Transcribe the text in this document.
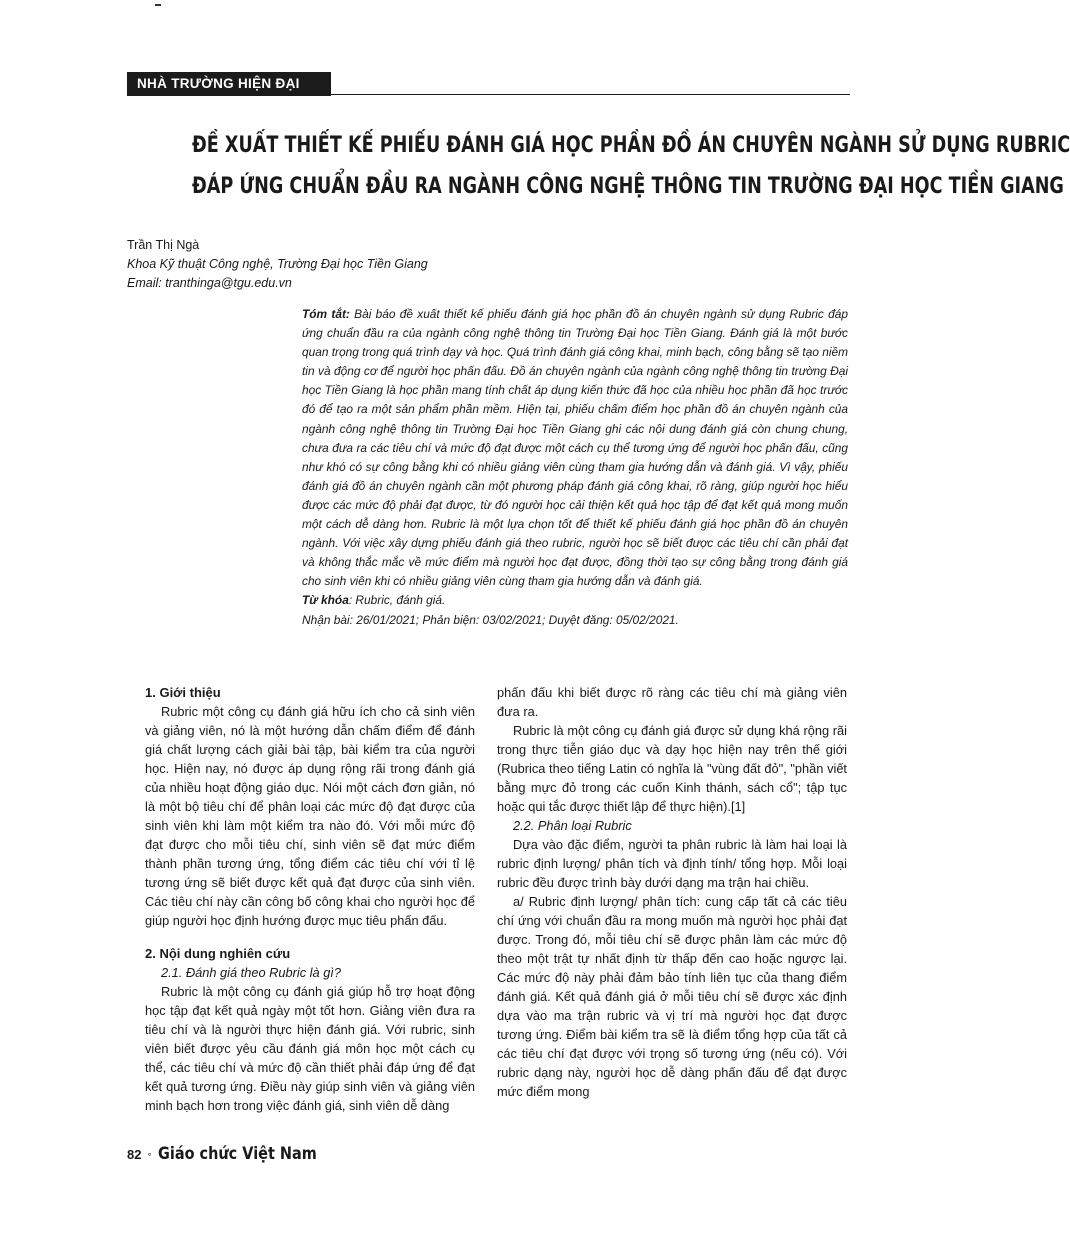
NHÀ TRƯỜNG HIỆN ĐẠI
ĐỀ XUẤT THIẾT KẾ PHIẾU ĐÁNH GIÁ HỌC PHẦN ĐỒ ÁN CHUYÊN NGÀNH SỬ DỤNG RUBRIC
ĐÁP ỨNG CHUẨN ĐẦU RA NGÀNH CÔNG NGHỆ THÔNG TIN TRƯỜNG ĐẠI HỌC TIỀN GIANG
Trần Thị Ngà
Khoa Kỹ thuật Công nghệ, Trường Đại học Tiền Giang
Email: tranthinga@tgu.edu.vn

Tóm tắt: Bài báo đề xuất thiết kế phiếu đánh giá học phần đồ án chuyên ngành sử dụng Rubric đáp ứng chuẩn đầu ra của ngành công nghệ thông tin Trường Đại học Tiền Giang. Đánh giá là một bước quan trọng trong quá trình dạy và học. Quá trình đánh giá công khai, minh bạch, công bằng sẽ tạo niềm tin và động cơ để người học phấn đấu. Đồ án chuyên ngành của ngành công nghệ thông tin trường Đại học Tiền Giang là học phần mang tính chất áp dụng kiến thức đã học của nhiều học phần đã học trước đó để tạo ra một sản phẩm phần mềm. Hiện tại, phiếu chấm điểm học phần đồ án chuyên ngành của ngành công nghệ thông tin Trường Đại học Tiền Giang ghi các nội dung đánh giá còn chung chung, chưa đưa ra các tiêu chí và mức độ đạt được một cách cụ thể tương ứng để người học phấn đấu, cũng như khó có sự công bằng khi có nhiều giảng viên cùng tham gia hướng dẫn và đánh giá. Vì vậy, phiếu đánh giá đồ án chuyên ngành cần một phương pháp đánh giá công khai, rõ ràng, giúp người học hiểu được các mức độ phải đạt được, từ đó người học cải thiện kết quả học tập để đạt kết quả mong muốn một cách dễ dàng hơn. Rubric là một lựa chọn tốt để thiết kế phiếu đánh giá học phần đồ án chuyên ngành. Với việc xây dựng phiếu đánh giá theo rubric, người học sẽ biết được các tiêu chí cần phải đạt và không thắc mắc về mức điểm mà người học đạt được, đồng thời tạo sự công bằng trong đánh giá cho sinh viên khi có nhiều giảng viên cùng tham gia hướng dẫn và đánh giá.

Từ khóa: Rubric, đánh giá.

Nhận bài: 26/01/2021; Phản biện: 03/02/2021; Duyệt đăng: 05/02/2021.

1. Giới thiệu

Rubric một công cụ đánh giá hữu ích cho cả sinh viên và giảng viên, nó là một hướng dẫn chấm điểm để đánh giá chất lượng cách giải bài tập, bài kiểm tra của người học. Hiện nay, nó được áp dụng rộng rãi trong đánh giá của nhiều hoạt động giáo dục. Nói một cách đơn giản, nó là một bộ tiêu chí để phân loại các mức độ đạt được của sinh viên khi làm một kiểm tra nào đó. Với mỗi mức độ đạt được cho mỗi tiêu chí, sinh viên sẽ đạt mức điểm thành phần tương ứng, tổng điểm các tiêu chí với tỉ lệ tương ứng sẽ biết được kết quả đạt được của sinh viên. Các tiêu chí này cần công bố công khai cho người học để giúp người học định hướng được mục tiêu phấn đấu.

2. Nội dung nghiên cứu
2.1. Đánh giá theo Rubric là gì?

Rubric là một công cụ đánh giá giúp hỗ trợ hoạt động học tập đạt kết quả ngày một tốt hơn. Giảng viên đưa ra tiêu chí và là người thực hiện đánh giá. Với rubric, sinh viên biết được yêu cầu đánh giá môn học một cách cụ thể, các tiêu chí và mức độ cần thiết phải đáp ứng để đạt kết quả tương ứng. Điều này giúp sinh viên và giảng viên minh bạch hơn trong việc đánh giá, sinh viên dễ dàng

phấn đấu khi biết được rõ ràng các tiêu chí mà giảng viên đưa ra.

Rubric là một công cụ đánh giá được sử dụng khá rộng rãi trong thực tiễn giáo dục và dạy học hiện nay trên thế giới (Rubrica theo tiếng Latin có nghĩa là "vùng đất đỏ", "phần viết bằng mực đỏ trong các cuốn Kinh thánh, sách cổ"; tập tục hoặc qui tắc được thiết lập để thực hiện).[1]

2.2. Phân loại Rubric

Dựa vào đặc điểm, người ta phân rubric là làm hai loại là rubric định lượng/ phân tích và định tính/ tổng hợp. Mỗi loại rubric đều được trình bày dưới dạng ma trận hai chiều.

a/ Rubric định lượng/ phân tích: cung cấp tất cả các tiêu chí ứng với chuẩn đầu ra mong muốn mà người học phải đạt được. Trong đó, mỗi tiêu chí sẽ được phân làm các mức độ theo một trật tự nhất định từ thấp đến cao hoặc ngược lại. Các mức độ này phải đảm bảo tính liên tục của thang điểm đánh giá. Kết quả đánh giá ở mỗi tiêu chí sẽ được xác định dựa vào ma trận rubric và vị trí mà người học đạt được tương ứng. Điểm bài kiểm tra sẽ là điểm tổng hợp của tất cả các tiêu chí đạt được với trọng số tương ứng (nếu có). Với rubric dạng này, người học dễ dàng phấn đấu để đạt được mức điểm mong

82 ◦ Giáo chức Việt Nam
